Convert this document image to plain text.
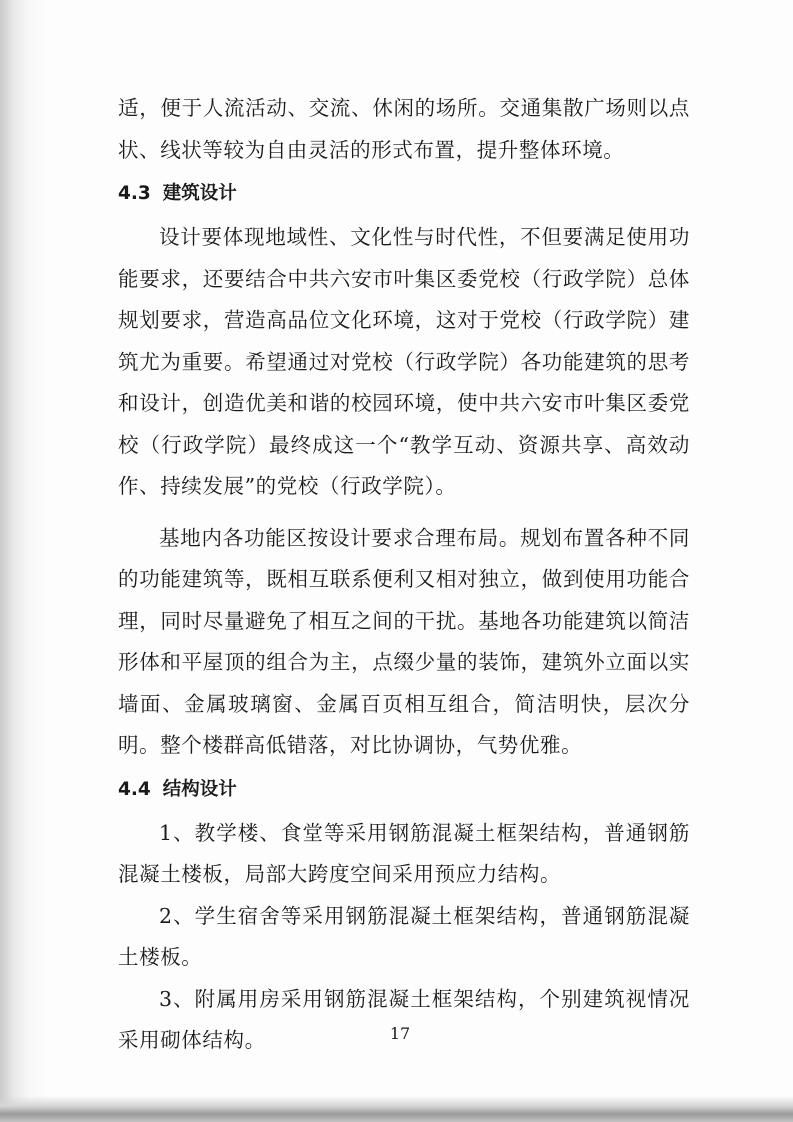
适，便于人流活动、交流、休闲的场所。交通集散广场则以点状、线状等较为自由灵活的形式布置，提升整体环境。

4.3 建筑设计

设计要体现地域性、文化性与时代性，不但要满足使用功能要求，还要结合中共六安市叶集区委党校（行政学院）总体规划要求，营造高品位文化环境，这对于党校（行政学院）建筑尤为重要。希望通过对党校（行政学院）各功能建筑的思考和设计，创造优美和谐的校园环境，使中共六安市叶集区委党校（行政学院）最终成这一个“教学互动、资源共享、高效动作、持续发展”的党校（行政学院）。

基地内各功能区按设计要求合理布局。规划布置各种不同的功能建筑等，既相互联系便利又相对独立，做到使用功能合理，同时尽量避免了相互之间的干扰。基地各功能建筑以简洁形体和平屋顶的组合为主，点缀少量的装饰，建筑外立面以实墙面、金属玻璃窗、金属百页相互组合，简洁明快，层次分明。整个楼群高低错落，对比协调协，气势优雅。

4.4 结构设计

1、教学楼、食堂等采用钢筋混凝土框架结构，普通钢筋混凝土楼板，局部大跨度空间采用预应力结构。

2、学生宿舍等采用钢筋混凝土框架结构，普通钢筋混凝土楼板。

3、附属用房采用钢筋混凝土框架结构，个别建筑视情况采用砌体结构。	17
